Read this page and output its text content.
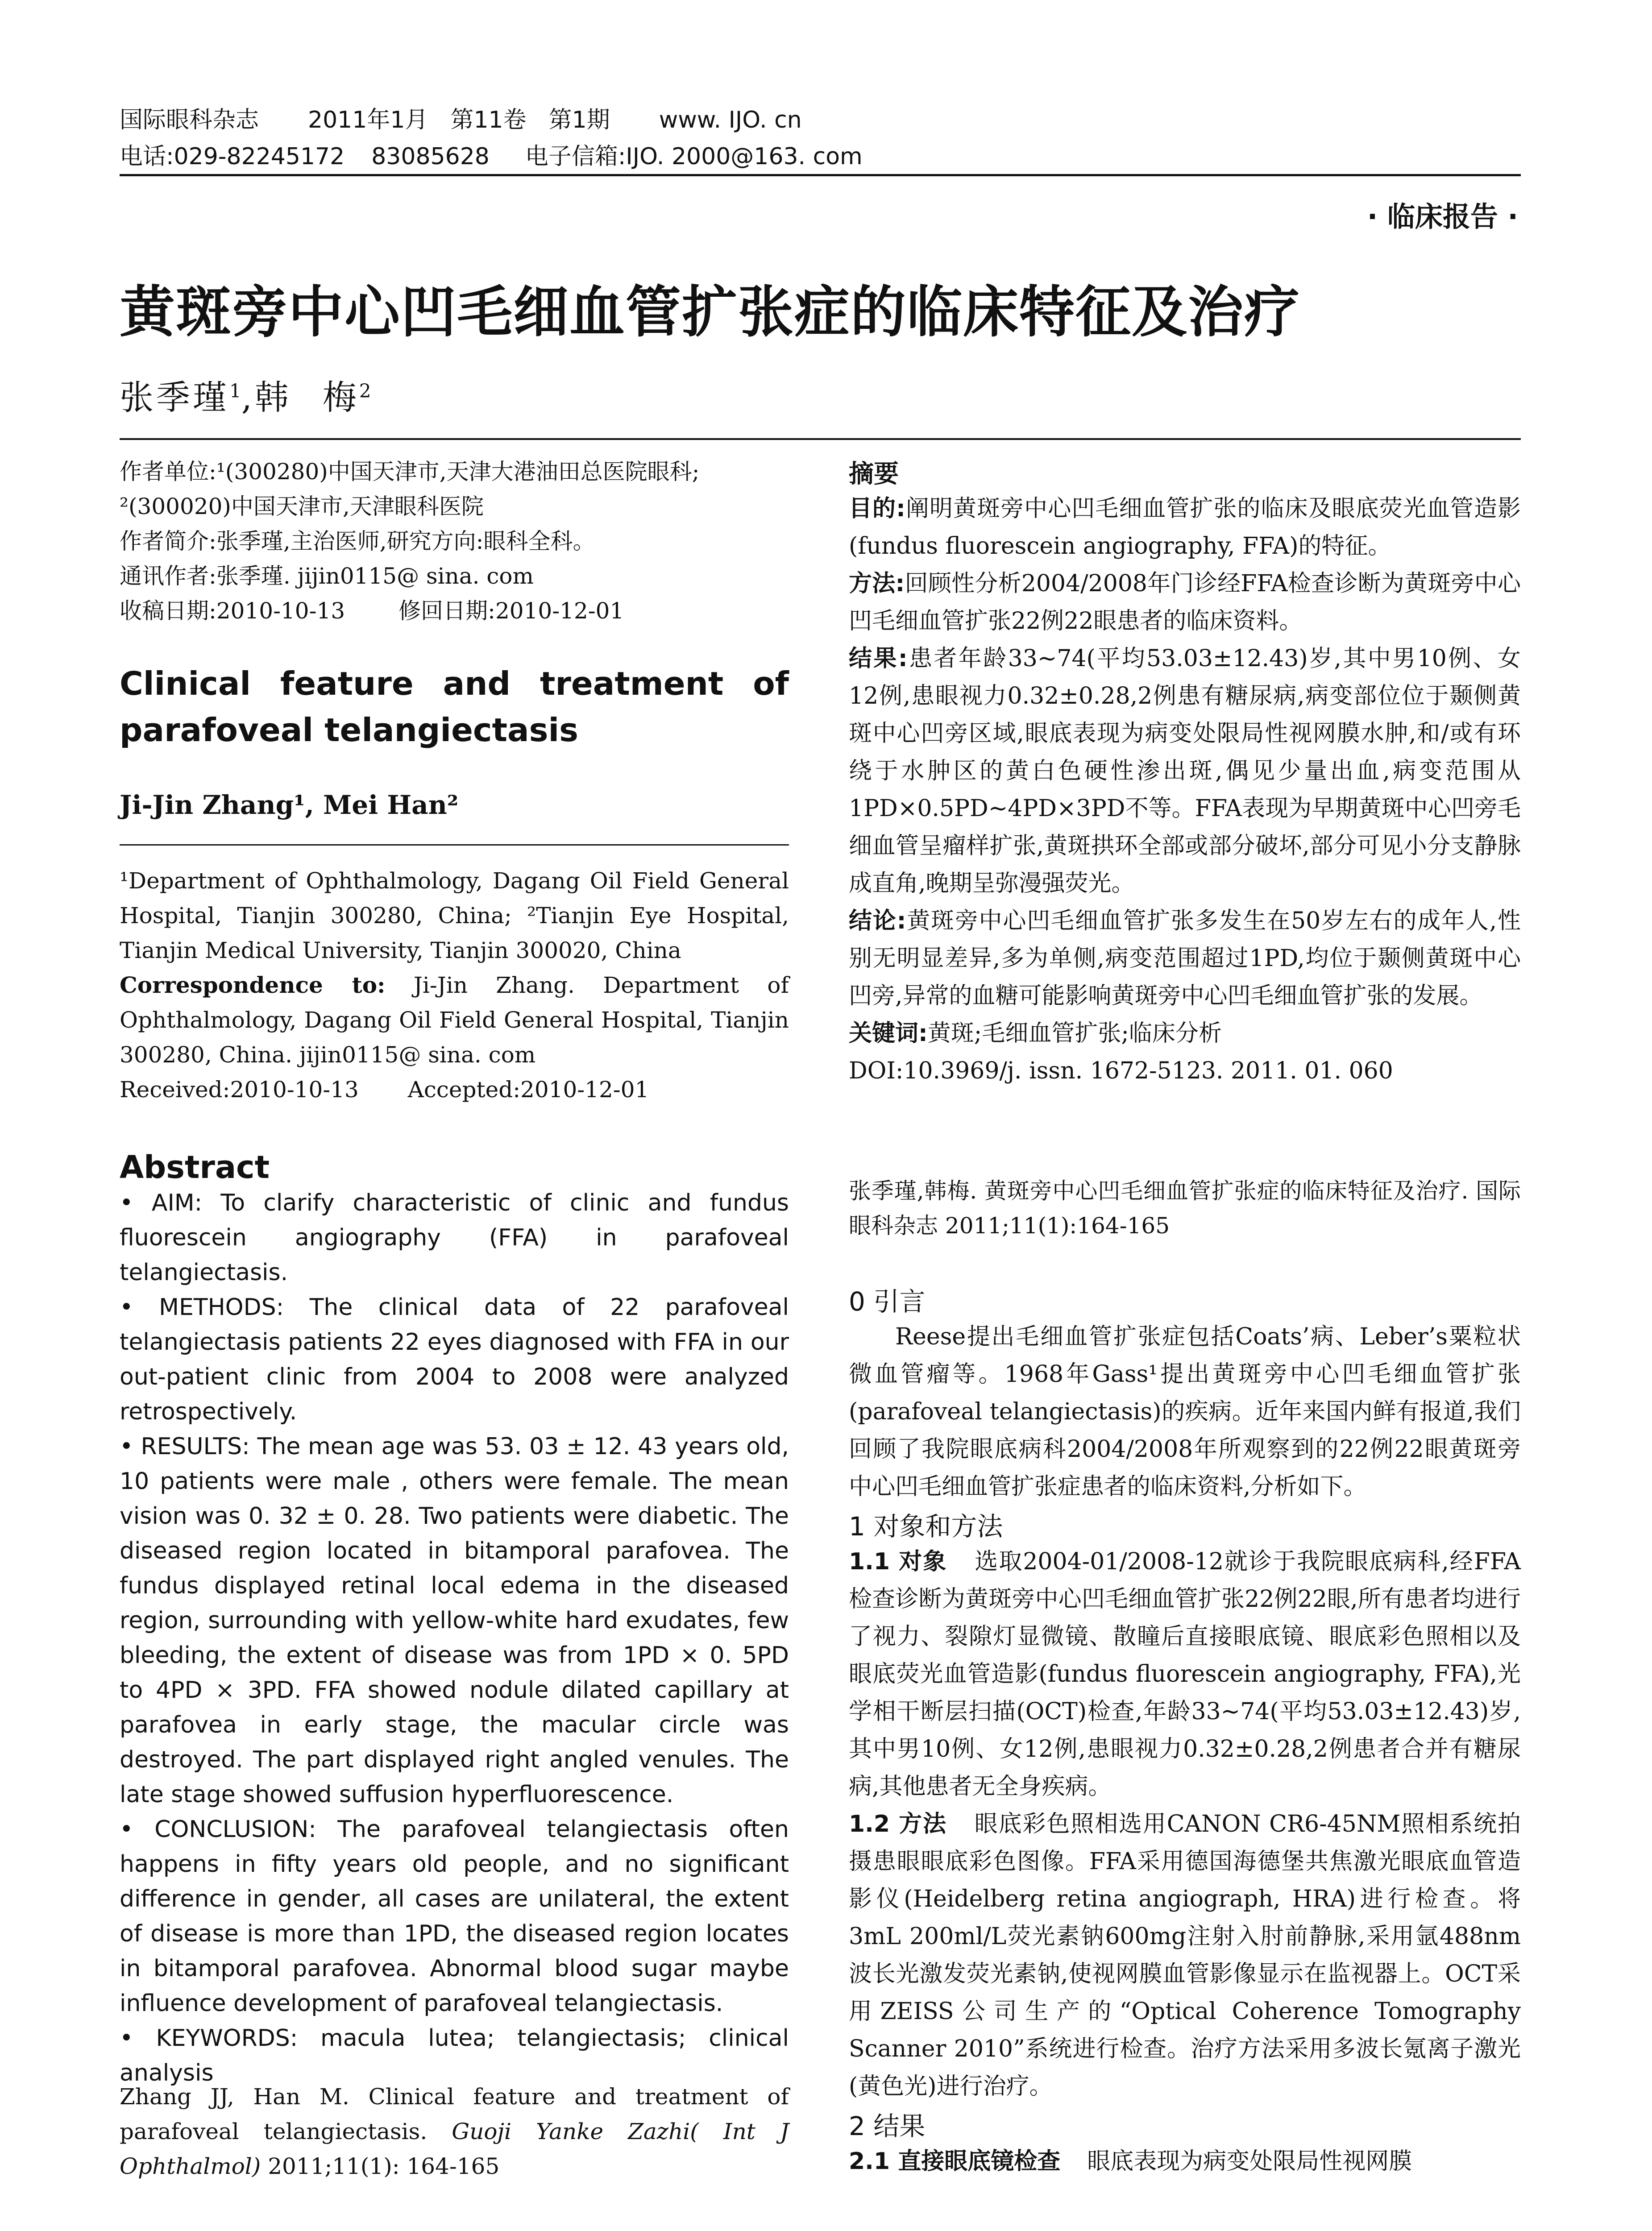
国际眼科杂志 2011年1月 第11卷 第1期 www. IJO. cn
电话:029-82245172 83085628 电子信箱:IJO. 2000@163. com
· 临床报告 ·
黄斑旁中心凹毛细血管扩张症的临床特征及治疗
张季瑾$^1$,韩 梅$^2$

作者单位:¹(300280)中国天津市,天津大港油田总医院眼科;

²(300020)中国天津市,天津眼科医院

作者简介:张季瑾,主治医师,研究方向:眼科全科。

通讯作者:张季瑾. jijin0115@ sina. com

收稿日期:2010-10-13 修回日期:2010-12-01

Clinical feature and treatment of parafoveal telangiectasis
Ji-Jin Zhang¹, Mei Han²

¹Department of Ophthalmology, Dagang Oil Field General Hospital, Tianjin 300280, China; ²Tianjin Eye Hospital, Tianjin Medical University, Tianjin 300020, China

Correspondence to: Ji-Jin Zhang. Department of Ophthalmology, Dagang Oil Field General Hospital, Tianjin 300280, China. jijin0115@ sina. com

Received:2010-10-13 Accepted:2010-12-01

Abstract

• AIM: To clarify characteristic of clinic and fundus fluorescein angiography (FFA) in parafoveal telangiectasis.

• METHODS: The clinical data of 22 parafoveal telangiectasis patients 22 eyes diagnosed with FFA in our out-patient clinic from 2004 to 2008 were analyzed retrospectively.

• RESULTS: The mean age was 53. 03 ± 12. 43 years old, 10 patients were male , others were female. The mean vision was 0. 32 ± 0. 28. Two patients were diabetic. The diseased region located in bitamporal parafovea. The fundus displayed retinal local edema in the diseased region, surrounding with yellow-white hard exudates, few bleeding, the extent of disease was from 1PD × 0. 5PD to 4PD × 3PD. FFA showed nodule dilated capillary at parafovea in early stage, the macular circle was destroyed. The part displayed right angled venules. The late stage showed suffusion hyperfluorescence.

• CONCLUSION: The parafoveal telangiectasis often happens in fifty years old people, and no significant difference in gender, all cases are unilateral, the extent of disease is more than 1PD, the diseased region locates in bitamporal parafovea. Abnormal blood sugar maybe influence development of parafoveal telangiectasis.

• KEYWORDS: macula lutea; telangiectasis; clinical analysis

Zhang JJ, Han M. Clinical feature and treatment of parafoveal telangiectasis. Guoji Yanke Zazhi( Int J Ophthalmol) 2011;11(1): 164-165

摘要

目的:阐明黄斑旁中心凹毛细血管扩张的临床及眼底荧光血管造影(fundus fluorescein angiography, FFA)的特征。

方法:回顾性分析2004/2008年门诊经FFA检查诊断为黄斑旁中心凹毛细血管扩张22例22眼患者的临床资料。

结果:患者年龄33~74(平均53.03±12.43)岁,其中男10例、女12例,患眼视力0.32±0.28,2例患有糖尿病,病变部位位于颞侧黄斑中心凹旁区域,眼底表现为病变处限局性视网膜水肿,和/或有环绕于水肿区的黄白色硬性渗出斑,偶见少量出血,病变范围从1PD×0.5PD~4PD×3PD不等。FFA表现为早期黄斑中心凹旁毛细血管呈瘤样扩张,黄斑拱环全部或部分破坏,部分可见小分支静脉成直角,晚期呈弥漫强荧光。

结论:黄斑旁中心凹毛细血管扩张多发生在50岁左右的成年人,性别无明显差异,多为单侧,病变范围超过1PD,均位于颞侧黄斑中心凹旁,异常的血糖可能影响黄斑旁中心凹毛细血管扩张的发展。

关键词:黄斑;毛细血管扩张;临床分析

DOI:10.3969/j. issn. 1672-5123. 2011. 01. 060

张季瑾,韩梅. 黄斑旁中心凹毛细血管扩张症的临床特征及治疗. 国际眼科杂志 2011;11(1):164-165

0 引言

Reese提出毛细血管扩张症包括Coats’病、Leber’s粟粒状微血管瘤等。1968年Gass¹提出黄斑旁中心凹毛细血管扩张(parafoveal telangiectasis)的疾病。近年来国内鲜有报道,我们回顾了我院眼底病科2004/2008年所观察到的22例22眼黄斑旁中心凹毛细血管扩张症患者的临床资料,分析如下。

1 对象和方法

1.1 对象 选取2004-01/2008-12就诊于我院眼底病科,经FFA检查诊断为黄斑旁中心凹毛细血管扩张22例22眼,所有患者均进行了视力、裂隙灯显微镜、散瞳后直接眼底镜、眼底彩色照相以及眼底荧光血管造影(fundus fluorescein angiography, FFA),光学相干断层扫描(OCT)检查,年龄33~74(平均53.03±12.43)岁,其中男10例、女12例,患眼视力0.32±0.28,2例患者合并有糖尿病,其他患者无全身疾病。

1.2 方法 眼底彩色照相选用CANON CR6-45NM照相系统拍摄患眼眼底彩色图像。FFA采用德国海德堡共焦激光眼底血管造影仪(Heidelberg retina angiograph, HRA)进行检查。将3mL 200ml/L荧光素钠600mg注射入肘前静脉,采用氩488nm波长光激发荧光素钠,使视网膜血管影像显示在监视器上。OCT采用ZEISS公司生产的“Optical Coherence Tomography Scanner 2010”系统进行检查。治疗方法采用多波长氪离子激光(黄色光)进行治疗。

2 结果

2.1 直接眼底镜检查 眼底表现为病变处限局性视网膜
